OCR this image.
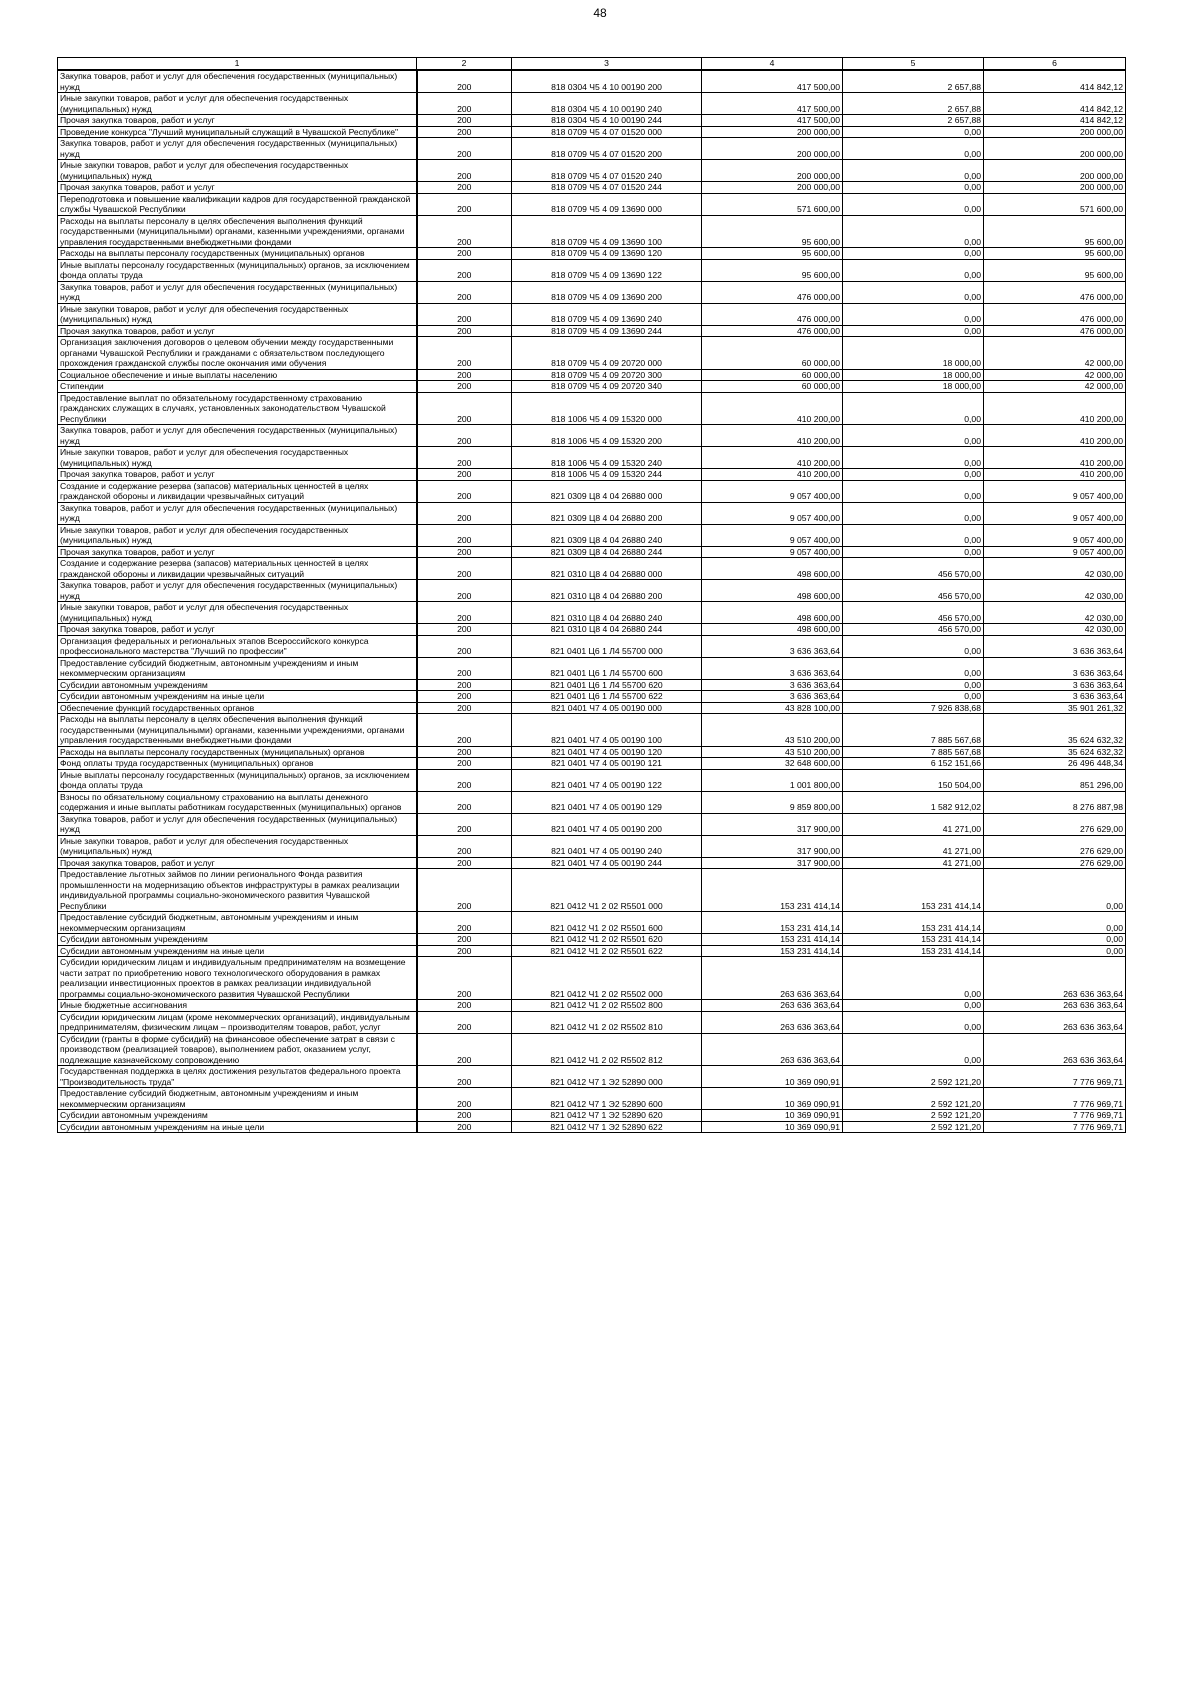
48
1	2	3	4	5	6
Закупка товаров, работ и услуг для обеспечения государственных (муниципальных) нужд	200	818 0304 Ч5 4 10 00190 200	417 500,00	2 657,88	414 842,12
Иные закупки товаров, работ и услуг для обеспечения государственных (муниципальных) нужд	200	818 0304 Ч5 4 10 00190 240	417 500,00	2 657,88	414 842,12
Прочая закупка товаров, работ и услуг	200	818 0304 Ч5 4 10 00190 244	417 500,00	2 657,88	414 842,12
Проведение конкурса "Лучший муниципальный служащий в Чувашской Республике"	200	818 0709 Ч5 4 07 01520 000	200 000,00	0,00	200 000,00
Закупка товаров, работ и услуг для обеспечения государственных (муниципальных) нужд	200	818 0709 Ч5 4 07 01520 200	200 000,00	0,00	200 000,00
Иные закупки товаров, работ и услуг для обеспечения государственных (муниципальных) нужд	200	818 0709 Ч5 4 07 01520 240	200 000,00	0,00	200 000,00
Прочая закупка товаров, работ и услуг	200	818 0709 Ч5 4 07 01520 244	200 000,00	0,00	200 000,00
Переподготовка и повышение квалификации кадров для государственной гражданской службы Чувашской Республики	200	818 0709 Ч5 4 09 13690 000	571 600,00	0,00	571 600,00
Расходы на выплаты персоналу в целях обеспечения выполнения функций государственными (муниципальными) органами, казенными учреждениями, органами управления государственными внебюджетными фондами	200	818 0709 Ч5 4 09 13690 100	95 600,00	0,00	95 600,00
Расходы на выплаты персоналу государственных (муниципальных) органов	200	818 0709 Ч5 4 09 13690 120	95 600,00	0,00	95 600,00
Иные выплаты персоналу государственных (муниципальных) органов, за исключением фонда оплаты труда	200	818 0709 Ч5 4 09 13690 122	95 600,00	0,00	95 600,00
Закупка товаров, работ и услуг для обеспечения государственных (муниципальных) нужд	200	818 0709 Ч5 4 09 13690 200	476 000,00	0,00	476 000,00
Иные закупки товаров, работ и услуг для обеспечения государственных (муниципальных) нужд	200	818 0709 Ч5 4 09 13690 240	476 000,00	0,00	476 000,00
Прочая закупка товаров, работ и услуг	200	818 0709 Ч5 4 09 13690 244	476 000,00	0,00	476 000,00
Организация заключения договоров о целевом обучении между государственными органами Чувашской Республики и гражданами с обязательством последующего прохождения гражданской службы после окончания ими обучения	200	818 0709 Ч5 4 09 20720 000	60 000,00	18 000,00	42 000,00
Социальное обеспечение и иные выплаты населению	200	818 0709 Ч5 4 09 20720 300	60 000,00	18 000,00	42 000,00
Стипендии	200	818 0709 Ч5 4 09 20720 340	60 000,00	18 000,00	42 000,00
Предоставление выплат по обязательному государственному страхованию гражданских служащих в случаях, установленных законодательством Чувашской Республики	200	818 1006 Ч5 4 09 15320 000	410 200,00	0,00	410 200,00
Закупка товаров, работ и услуг для обеспечения государственных (муниципальных) нужд	200	818 1006 Ч5 4 09 15320 200	410 200,00	0,00	410 200,00
Иные закупки товаров, работ и услуг для обеспечения государственных (муниципальных) нужд	200	818 1006 Ч5 4 09 15320 240	410 200,00	0,00	410 200,00
Прочая закупка товаров, работ и услуг	200	818 1006 Ч5 4 09 15320 244	410 200,00	0,00	410 200,00
Создание и содержание резерва (запасов) материальных ценностей в целях гражданской обороны и ликвидации чрезвычайных ситуаций	200	821 0309 Ц8 4 04 26880 000	9 057 400,00	0,00	9 057 400,00
Закупка товаров, работ и услуг для обеспечения государственных (муниципальных) нужд	200	821 0309 Ц8 4 04 26880 200	9 057 400,00	0,00	9 057 400,00
Иные закупки товаров, работ и услуг для обеспечения государственных (муниципальных) нужд	200	821 0309 Ц8 4 04 26880 240	9 057 400,00	0,00	9 057 400,00
Прочая закупка товаров, работ и услуг	200	821 0309 Ц8 4 04 26880 244	9 057 400,00	0,00	9 057 400,00
Создание и содержание резерва (запасов) материальных ценностей в целях гражданской обороны и ликвидации чрезвычайных ситуаций	200	821 0310 Ц8 4 04 26880 000	498 600,00	456 570,00	42 030,00
Закупка товаров, работ и услуг для обеспечения государственных (муниципальных) нужд	200	821 0310 Ц8 4 04 26880 200	498 600,00	456 570,00	42 030,00
Иные закупки товаров, работ и услуг для обеспечения государственных (муниципальных) нужд	200	821 0310 Ц8 4 04 26880 240	498 600,00	456 570,00	42 030,00
Прочая закупка товаров, работ и услуг	200	821 0310 Ц8 4 04 26880 244	498 600,00	456 570,00	42 030,00
Организация федеральных и региональных этапов Всероссийского конкурса профессионального мастерства "Лучший по профессии"	200	821 0401 Ц6 1 Л4 55700 000	3 636 363,64	0,00	3 636 363,64
Предоставление субсидий бюджетным, автономным учреждениям и иным некоммерческим организациям	200	821 0401 Ц6 1 Л4 55700 600	3 636 363,64	0,00	3 636 363,64
Субсидии автономным учреждениям	200	821 0401 Ц6 1 Л4 55700 620	3 636 363,64	0,00	3 636 363,64
Субсидии автономным учреждениям на иные цели	200	821 0401 Ц6 1 Л4 55700 622	3 636 363,64	0,00	3 636 363,64
Обеспечение функций государственных органов	200	821 0401 Ч7 4 05 00190 000	43 828 100,00	7 926 838,68	35 901 261,32
Расходы на выплаты персоналу в целях обеспечения выполнения функций государственными (муниципальными) органами, казенными учреждениями, органами управления государственными внебюджетными фондами	200	821 0401 Ч7 4 05 00190 100	43 510 200,00	7 885 567,68	35 624 632,32
Расходы на выплаты персоналу государственных (муниципальных) органов	200	821 0401 Ч7 4 05 00190 120	43 510 200,00	7 885 567,68	35 624 632,32
Фонд оплаты труда государственных (муниципальных) органов	200	821 0401 Ч7 4 05 00190 121	32 648 600,00	6 152 151,66	26 496 448,34
Иные выплаты персоналу государственных (муниципальных) органов, за исключением фонда оплаты труда	200	821 0401 Ч7 4 05 00190 122	1 001 800,00	150 504,00	851 296,00
Взносы по обязательному социальному страхованию на выплаты денежного содержания и иные выплаты работникам государственных (муниципальных) органов	200	821 0401 Ч7 4 05 00190 129	9 859 800,00	1 582 912,02	8 276 887,98
Закупка товаров, работ и услуг для обеспечения государственных (муниципальных) нужд	200	821 0401 Ч7 4 05 00190 200	317 900,00	41 271,00	276 629,00
Иные закупки товаров, работ и услуг для обеспечения государственных (муниципальных) нужд	200	821 0401 Ч7 4 05 00190 240	317 900,00	41 271,00	276 629,00
Прочая закупка товаров, работ и услуг	200	821 0401 Ч7 4 05 00190 244	317 900,00	41 271,00	276 629,00
Предоставление льготных займов по линии регионального Фонда развития промышленности на модернизацию объектов инфраструктуры в рамках реализации индивидуальной программы социально-экономического развития Чувашской Республики	200	821 0412 Ч1 2 02 R5501 000	153 231 414,14	153 231 414,14	0,00
Предоставление субсидий бюджетным, автономным учреждениям и иным некоммерческим организациям	200	821 0412 Ч1 2 02 R5501 600	153 231 414,14	153 231 414,14	0,00
Субсидии автономным учреждениям	200	821 0412 Ч1 2 02 R5501 620	153 231 414,14	153 231 414,14	0,00
Субсидии автономным учреждениям на иные цели	200	821 0412 Ч1 2 02 R5501 622	153 231 414,14	153 231 414,14	0,00
Субсидии юридическим лицам и индивидуальным предпринимателям на возмещение части затрат по приобретению нового технологического оборудования в рамках реализации инвестиционных проектов в рамках реализации индивидуальной программы социально-экономического развития Чувашской Республики	200	821 0412 Ч1 2 02 R5502 000	263 636 363,64	0,00	263 636 363,64
Иные бюджетные ассигнования	200	821 0412 Ч1 2 02 R5502 800	263 636 363,64	0,00	263 636 363,64
Субсидии юридическим лицам (кроме некоммерческих организаций), индивидуальным предпринимателям, физическим лицам – производителям товаров, работ, услуг	200	821 0412 Ч1 2 02 R5502 810	263 636 363,64	0,00	263 636 363,64
Субсидии (гранты в форме субсидий) на финансовое обеспечение затрат в связи с производством (реализацией товаров), выполнением работ, оказанием услуг, подлежащие казначейскому сопровождению	200	821 0412 Ч1 2 02 R5502 812	263 636 363,64	0,00	263 636 363,64
Государственная поддержка в целях достижения результатов федерального проекта "Производительность труда"	200	821 0412 Ч7 1 Э2 52890 000	10 369 090,91	2 592 121,20	7 776 969,71
Предоставление субсидий бюджетным, автономным учреждениям и иным некоммерческим организациям	200	821 0412 Ч7 1 Э2 52890 600	10 369 090,91	2 592 121,20	7 776 969,71
Субсидии автономным учреждениям	200	821 0412 Ч7 1 Э2 52890 620	10 369 090,91	2 592 121,20	7 776 969,71
Субсидии автономным учреждениям на иные цели	200	821 0412 Ч7 1 Э2 52890 622	10 369 090,91	2 592 121,20	7 776 969,71
